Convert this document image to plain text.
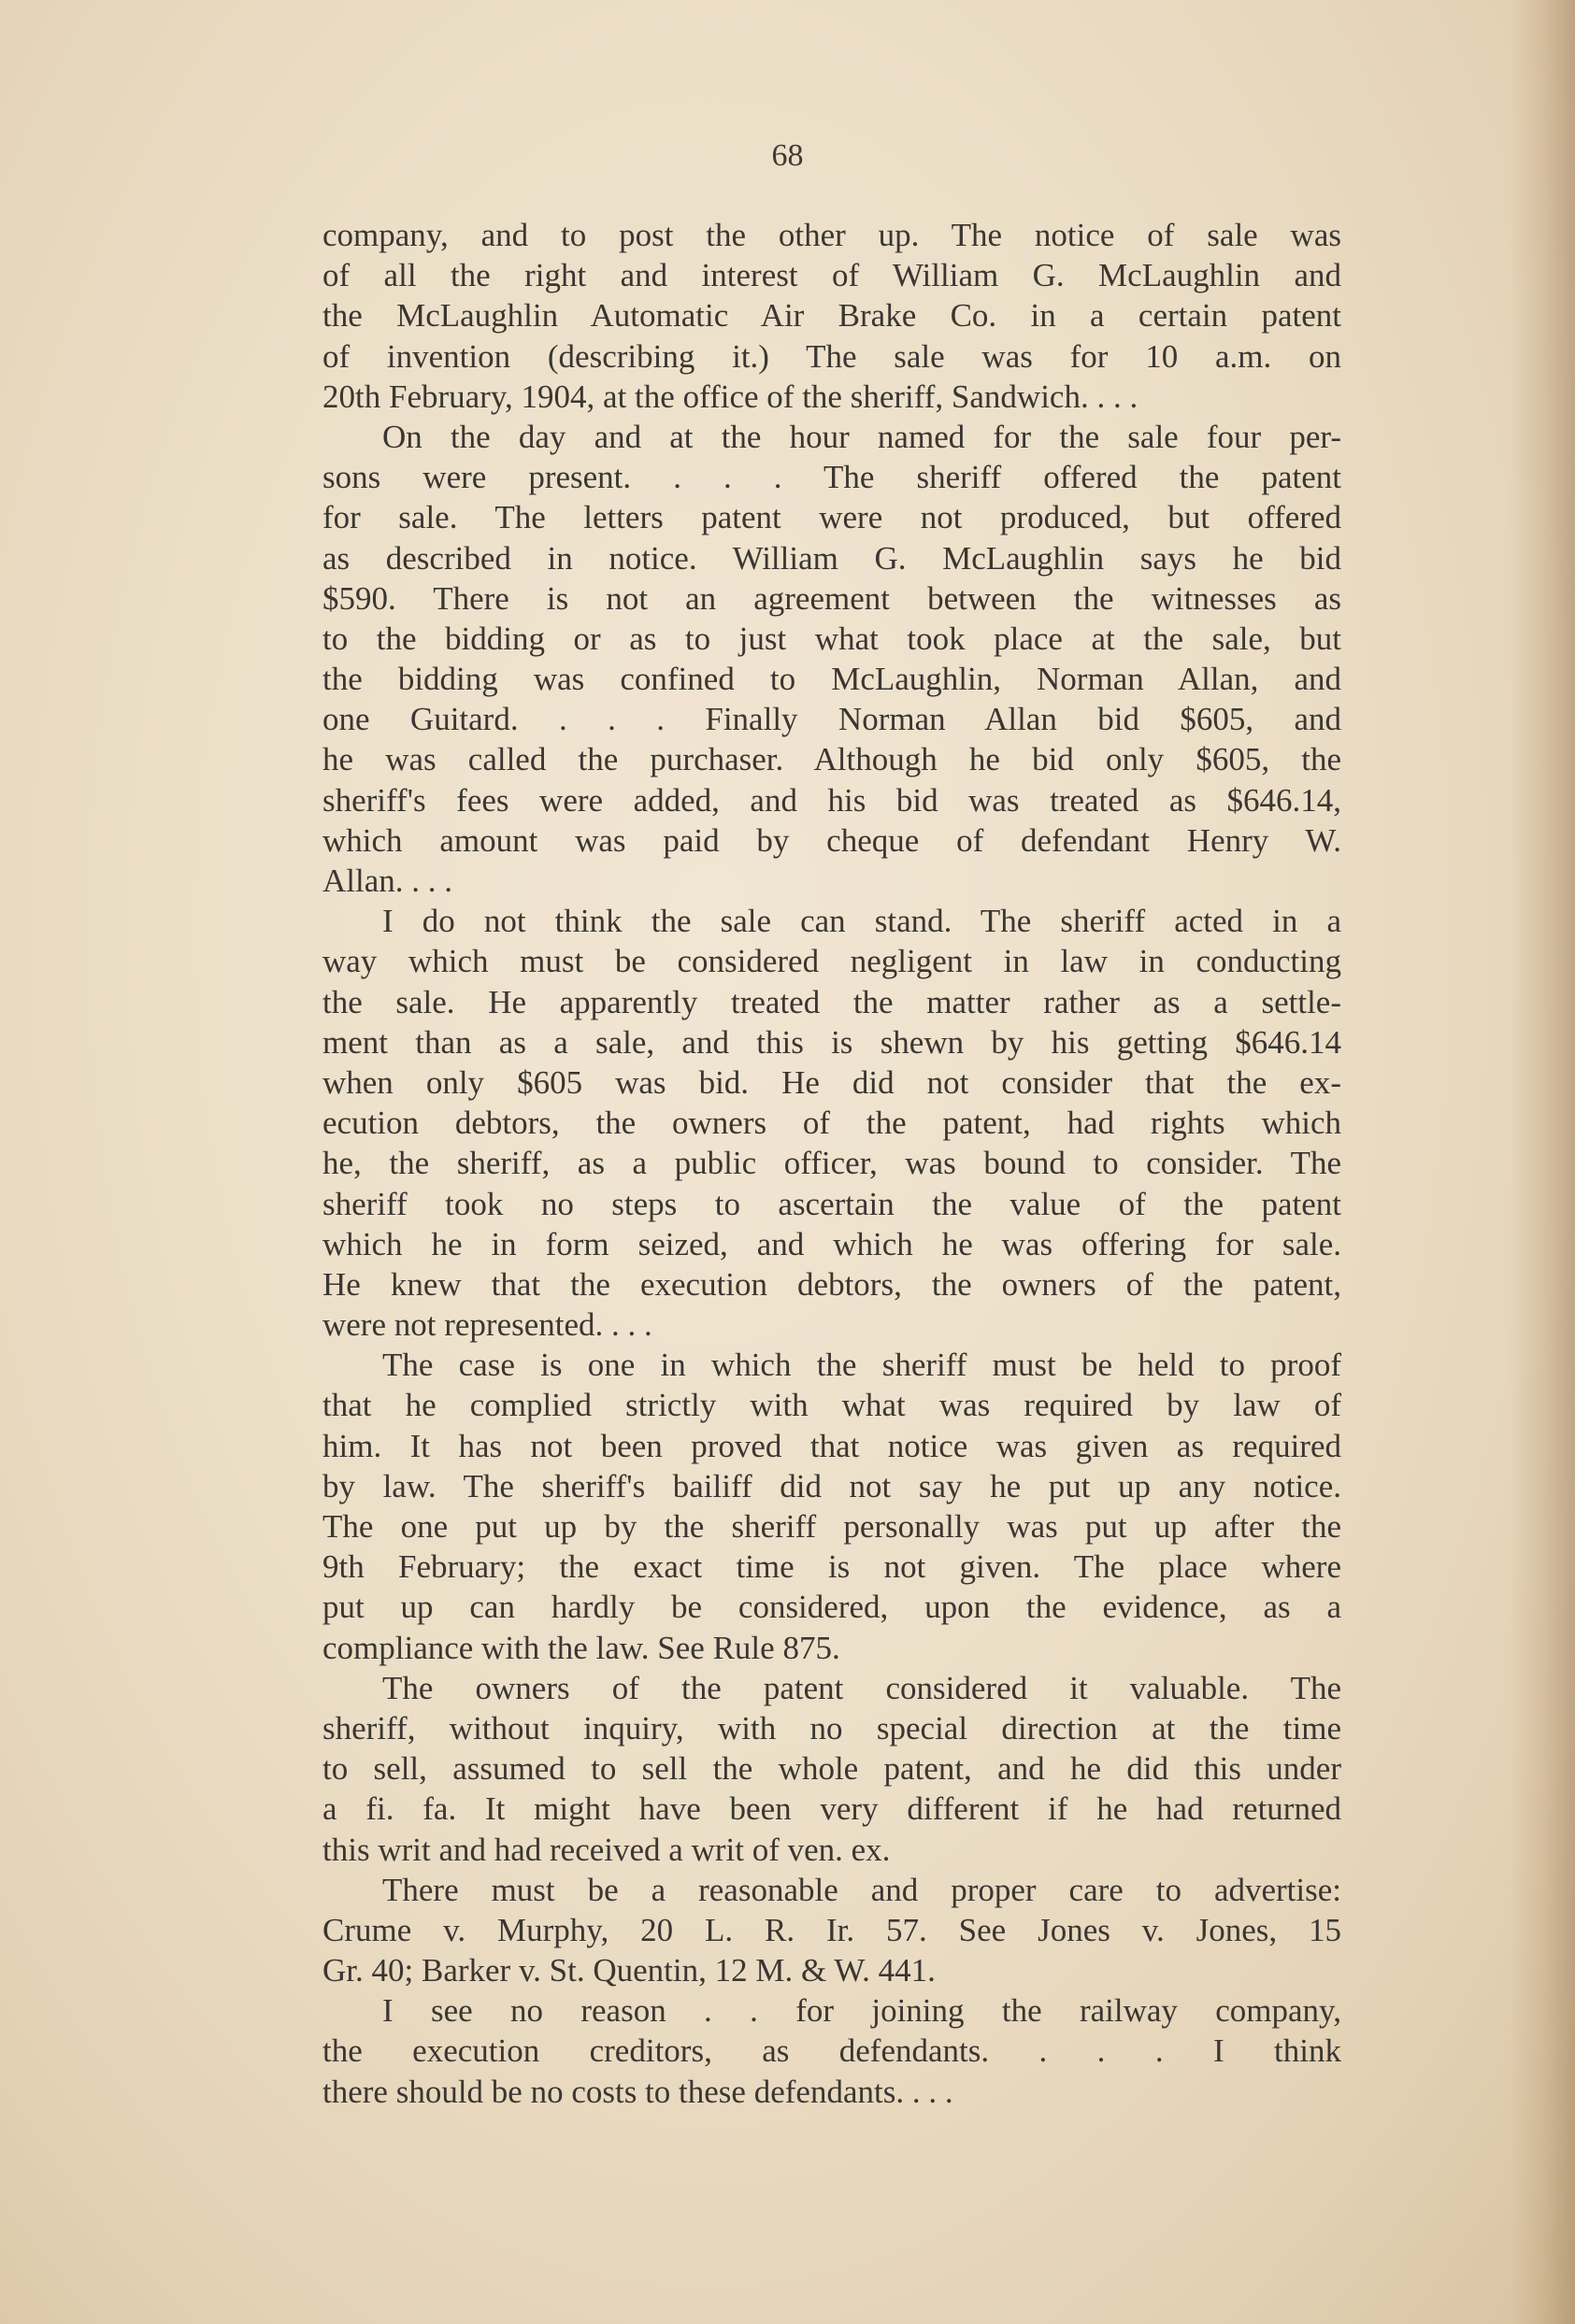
68
company, and to post the other up. The notice of sale was
of all the right and interest of William G. McLaughlin and
the McLaughlin Automatic Air Brake Co. in a certain patent
of invention (describing it.) The sale was for 10 a.m. on
20th February, 1904, at the office of the sheriff, Sandwich. . . .
On the day and at the hour named for the sale four per-
sons were present. . . . The sheriff offered the patent
for sale. The letters patent were not produced, but offered
as described in notice. William G. McLaughlin says he bid
$590. There is not an agreement between the witnesses as
to the bidding or as to just what took place at the sale, but
the bidding was confined to McLaughlin, Norman Allan, and
one Guitard. . . . Finally Norman Allan bid $605, and
he was called the purchaser. Although he bid only $605, the
sheriff's fees were added, and his bid was treated as $646.14,
which amount was paid by cheque of defendant Henry W.
Allan. . . .
I do not think the sale can stand. The sheriff acted in a
way which must be considered negligent in law in conducting
the sale. He apparently treated the matter rather as a settle-
ment than as a sale, and this is shewn by his getting $646.14
when only $605 was bid. He did not consider that the ex-
ecution debtors, the owners of the patent, had rights which
he, the sheriff, as a public officer, was bound to consider. The
sheriff took no steps to ascertain the value of the patent
which he in form seized, and which he was offering for sale.
He knew that the execution debtors, the owners of the patent,
were not represented. . . .
The case is one in which the sheriff must be held to proof
that he complied strictly with what was required by law of
him. It has not been proved that notice was given as required
by law. The sheriff's bailiff did not say he put up any notice.
The one put up by the sheriff personally was put up after the
9th February; the exact time is not given. The place where
put up can hardly be considered, upon the evidence, as a
compliance with the law. See Rule 875.
The owners of the patent considered it valuable. The
sheriff, without inquiry, with no special direction at the time
to sell, assumed to sell the whole patent, and he did this under
a fi. fa. It might have been very different if he had returned
this writ and had received a writ of ven. ex.
There must be a reasonable and proper care to advertise:
Crume v. Murphy, 20 L. R. Ir. 57. See Jones v. Jones, 15
Gr. 40; Barker v. St. Quentin, 12 M. & W. 441.
I see no reason . . for joining the railway company,
the execution creditors, as defendants. . . . I think
there should be no costs to these defendants. . . .
